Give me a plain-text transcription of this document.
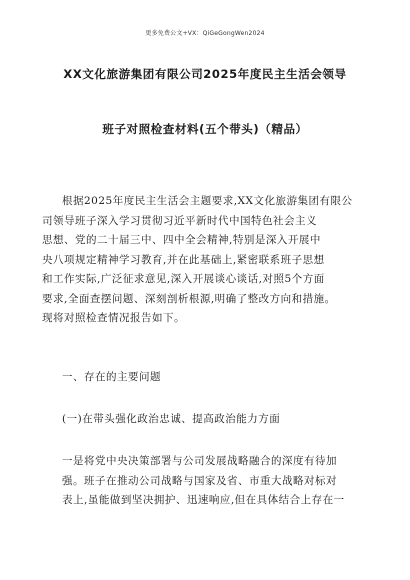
更多免费公文+VX：QiGeGongWen2024
XX文化旅游集团有限公司2025年度民主生活会领导
班子对照检查材料(五个带头)（精品）
根据2025年度民主生活会主题要求,XX文化旅游集团有限公
司领导班子深入学习贯彻习近平新时代中国特色社会主义
思想、党的二十届三中、四中全会精神,特别是深入开展中
央八项规定精神学习教育,并在此基础上,紧密联系班子思想
和工作实际,广泛征求意见,深入开展谈心谈话,对照5个方面
要求,全面查摆问题、深刻剖析根源,明确了整改方向和措施。
现将对照检查情况报告如下。
一、存在的主要问题
(一)在带头强化政治忠诚、提高政治能力方面
一是将党中央决策部署与公司发展战略融合的深度有待加
强。班子在推动公司战略与国家及省、市重大战略对标对
表上,虽能做到坚决拥护、迅速响应,但在具体结合上存在一
